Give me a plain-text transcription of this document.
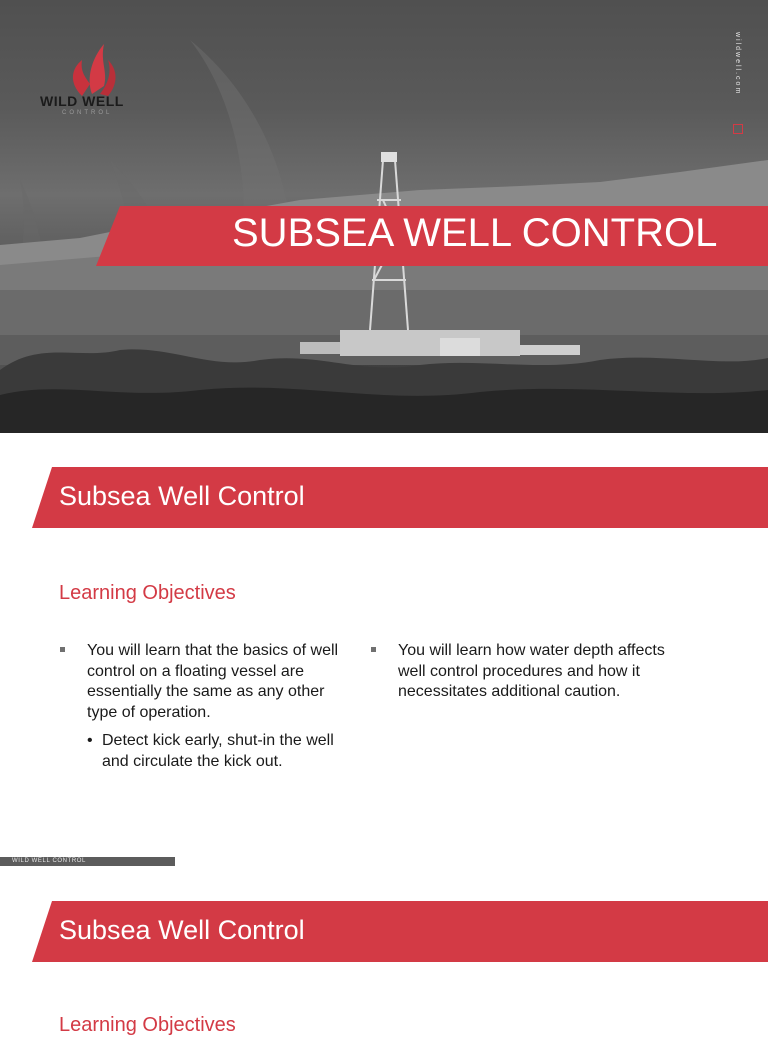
WILD WELL
CONTROL
wildwell.com
SUBSEA WELL CONTROL
Subsea Well Control
Learning Objectives
You will learn that the basics of well control on a floating vessel are essentially the same as any other type of operation.
• Detect kick early, shut-in the well and circulate the kick out.
You will learn how water depth affects well control procedures and how it necessitates additional caution.
WILD WELL CONTROL
Subsea Well Control
Learning Objectives
